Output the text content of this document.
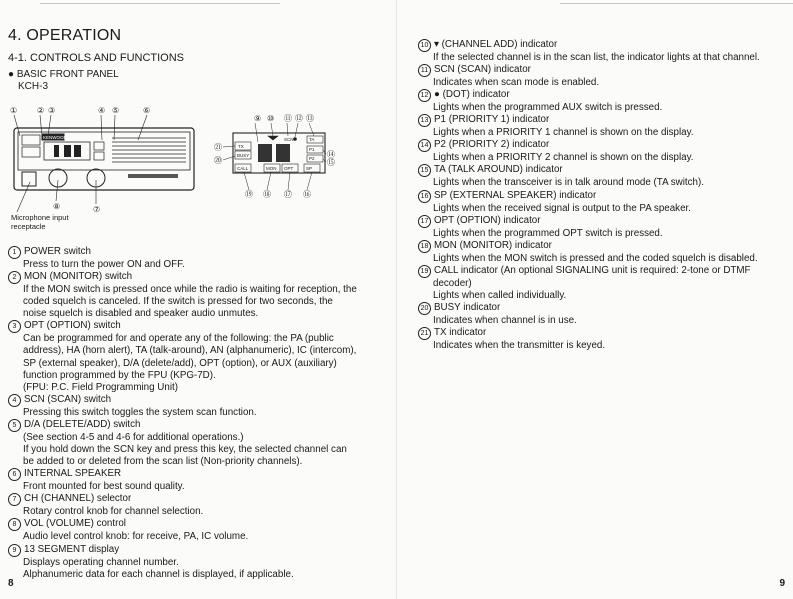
4. OPERATION
4-1. CONTROLS AND FUNCTIONS
● BASIC FRONT PANEL
KCH-3
① ② ③	④ ⑤	⑥
⑧	⑦
KENWOOD
⑨ ⑩ ⑪ ⑫ ⑬
㉑
⑳
⑭
⑮
⑲ ⑱ ⑰ ⑯
TX
BUSY
CALL
TA
P1
P2
SCN
MON OPT	SP
Microphone input
receptacle
1 POWER switch
Press to turn the power ON and OFF.
2 MON (MONITOR) switch
If the MON switch is pressed once while the radio is waiting for reception, the
coded squelch is canceled. If the switch is pressed for two seconds, the
noise squelch is disabled and speaker audio unmutes.
3 OPT (OPTION) switch
Can be programmed for and operate any of the following: the PA (public
address), HA (horn alert), TA (talk-around), AN (alphanumeric), IC (intercom),
SP (external speaker), D/A (delete/add), OPT (option), or AUX (auxiliary)
function programmed by the FPU (KPG-7D).
(FPU: P.C. Field Programming Unit)
4 SCN (SCAN) switch
Pressing this switch toggles the system scan function.
5 D/A (DELETE/ADD) switch
(See section 4-5 and 4-6 for additional operations.)
If you hold down the SCN key and press this key, the selected channel can
be added to or deleted from the scan list (Non-priority channels).
6 INTERNAL SPEAKER
Front mounted for best sound quality.
7 CH (CHANNEL) selector
Rotary control knob for channel selection.
8 VOL (VOLUME) control
Audio level control knob: for receive, PA, IC volume.
9 13 SEGMENT display
Displays operating channel number.
Alphanumeric data for each channel is displayed, if applicable.
8
10 ▾ (CHANNEL ADD) indicator
If the selected channel is in the scan list, the indicator lights at that channel.
11 SCN (SCAN) indicator
Indicates when scan mode is enabled.
12 ● (DOT) indicator
Lights when the programmed AUX switch is pressed.
13 P1 (PRIORITY 1) indicator
Lights when a PRIORITY 1 channel is shown on the display.
14 P2 (PRIORITY 2) indicator
Lights when a PRIORITY 2 channel is shown on the display.
15 TA (TALK AROUND) indicator
Lights when the transceiver is in talk around mode (TA switch).
16 SP (EXTERNAL SPEAKER) indicator
Lights when the received signal is output to the PA speaker.
17 OPT (OPTION) indicator
Lights when the programmed OPT switch is pressed.
18 MON (MONITOR) indicator
Lights when the MON switch is pressed and the coded squelch is disabled.
19 CALL indicator (An optional SIGNALING unit is required: 2-tone or DTMF
decoder)
Lights when called individually.
20 BUSY indicator
Indicates when channel is in use.
21 TX indicator
Indicates when the transmitter is keyed.
9
